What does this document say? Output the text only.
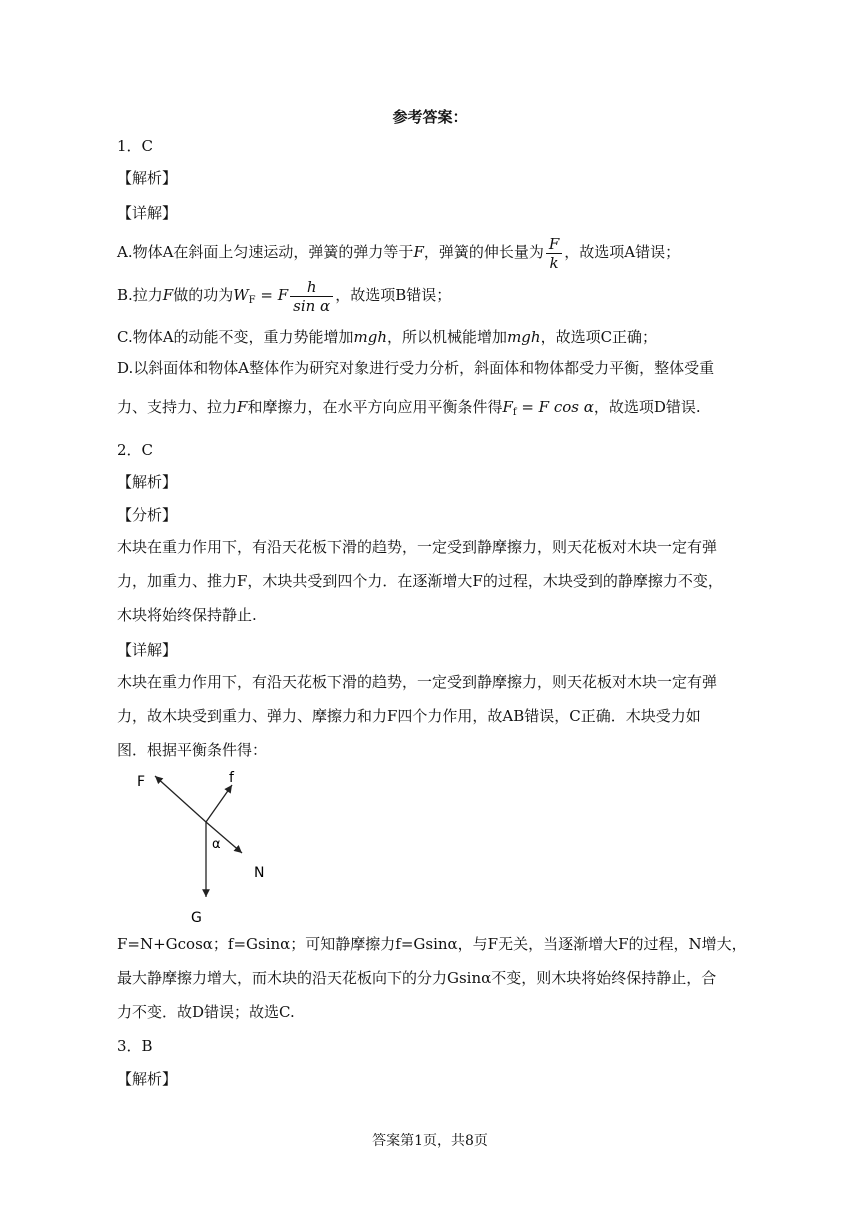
参考答案：
1．C
【解析】
【详解】
A.物体A在斜面上匀速运动，弹簧的弹力等于F，弹簧的伸长量为 $\frac{F}{k}$ ，故选项A错误；
B.拉力F做的功为$W_F = F \frac{h}{\text{sin α}}$ ，故选项B错误；
C.物体A的动能不变，重力势能增加mgh，所以机械能增加mgh，故选项C正确；
D.以斜面体和物体A整体作为研究对象进行受力分析，斜面体和物体都受力平衡，整体受重
力、支持力、拉力F和摩擦力，在水平方向应用平衡条件得$F_f = F$ cos α，故选项D错误.
2．C
【解析】
【分析】
木块在重力作用下，有沿天花板下滑的趋势，一定受到静摩擦力，则天花板对木块一定有弹
力，加重力、推力F，木块共受到四个力．在逐渐增大F的过程，木块受到的静摩擦力不变，
木块将始终保持静止.
【详解】
木块在重力作用下，有沿天花板下滑的趋势，一定受到静摩擦力，则天花板对木块一定有弹
力，故木块受到重力、弹力、摩擦力和力F四个力作用，故AB错误，C正确．木块受力如
图．根据平衡条件得：
F	f
α
N
G
F=N+Gcosα；f=Gsinα；可知静摩擦力f=Gsinα，与F无关，当逐渐增大F的过程，N增大，
最大静摩擦力增大，而木块的沿天花板向下的分力Gsinα不变，则木块将始终保持静止，合
力不变．故D错误；故选C.
3．B
【解析】
答案第1页，共8页
